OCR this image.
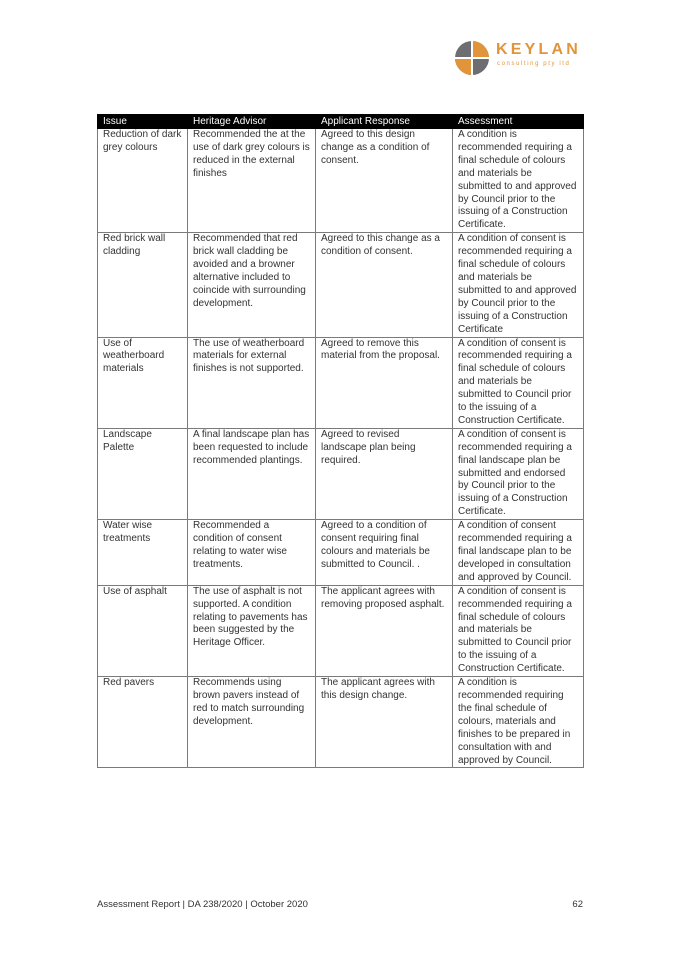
KEYLAN
consulting pty ltd
Issue	Heritage Advisor	Applicant Response	Assessment
Reduction of dark grey colours	Recommended the at the use of dark grey colours is reduced in the external finishes	Agreed to this design change as a condition of consent.	A condition is recommended requiring a final schedule of colours and materials be submitted to and approved by Council prior to the issuing of a Construction Certificate.
Red brick wall cladding	Recommended that red brick wall cladding be avoided and a browner alternative included to coincide with surrounding development.	Agreed to this change as a condition of consent.	A condition of consent is recommended requiring a final schedule of colours and materials be submitted to and approved by Council prior to the issuing of a Construction Certificate
Use of weatherboard materials	The use of weatherboard materials for external finishes is not supported.	Agreed to remove this material from the proposal.	A condition of consent is recommended requiring a final schedule of colours and materials be submitted to Council prior to the issuing of a Construction Certificate.
Landscape Palette	A final landscape plan has been requested to include recommended plantings.	Agreed to revised landscape plan being required.	A condition of consent is recommended requiring a final landscape plan be submitted and endorsed by Council prior to the issuing of a Construction Certificate.
Water wise treatments	Recommended a condition of consent relating to water wise treatments.	Agreed to a condition of consent requiring final colours and materials be submitted to Council. .	A condition of consent recommended requiring a final landscape plan to be developed in consultation and approved by Council.
Use of asphalt	The use of asphalt is not supported. A condition relating to pavements has been suggested by the Heritage Officer.	The applicant agrees with removing proposed asphalt.	A condition of consent is recommended requiring a final schedule of colours and materials be submitted to Council prior to the issuing of a Construction Certificate.
Red pavers	Recommends using brown pavers instead of red to match surrounding development.	The applicant agrees with this design change.	A condition is recommended requiring the final schedule of colours, materials and finishes to be prepared in consultation with and approved by Council.
Assessment Report | DA 238/2020 | October 2020	62
